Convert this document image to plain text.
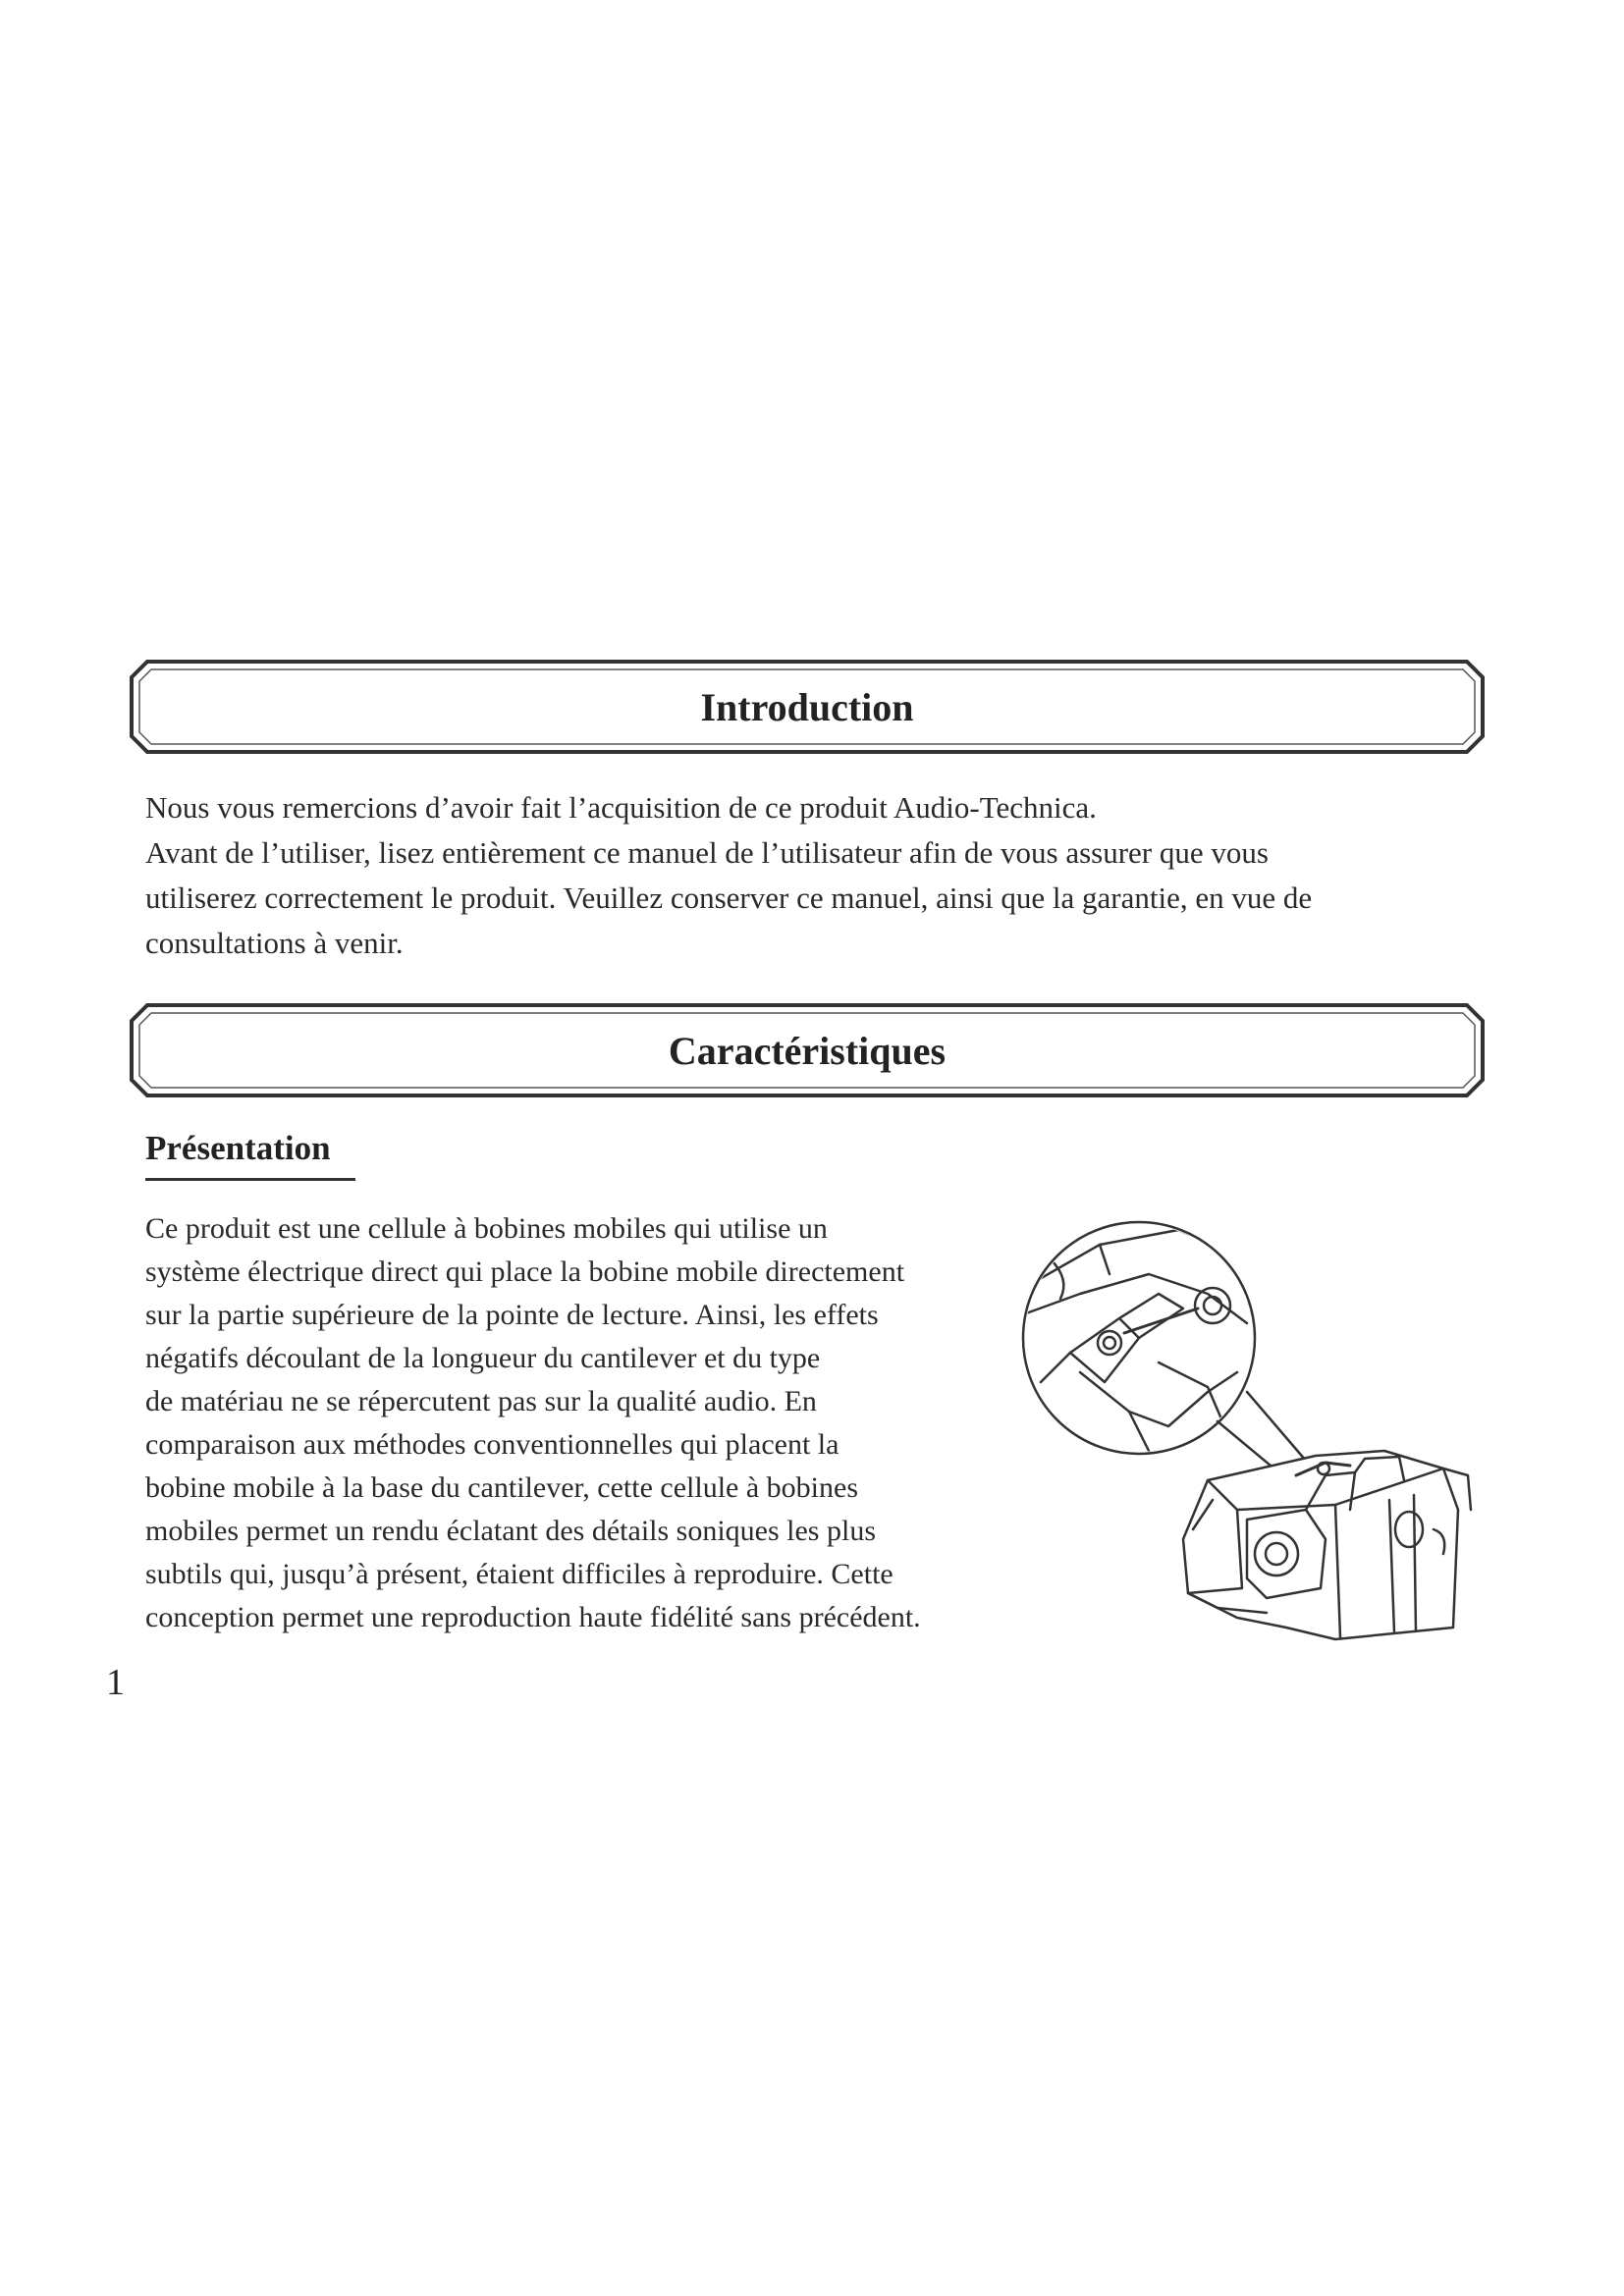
Introduction
Nous vous remercions d’avoir fait l’acquisition de ce produit Audio-Technica.
Avant de l’utiliser, lisez entièrement ce manuel de l’utilisateur afin de vous assurer que vous
utiliserez correctement le produit. Veuillez conserver ce manuel, ainsi que la garantie, en vue de
consultations à venir.
Caractéristiques
Présentation
Ce produit est une cellule à bobines mobiles qui utilise un
système électrique direct qui place la bobine mobile directement
sur la partie supérieure de la pointe de lecture. Ainsi, les effets
négatifs découlant de la longueur du cantilever et du type
de matériau ne se répercutent pas sur la qualité audio. En
comparaison aux méthodes conventionnelles qui placent la
bobine mobile à la base du cantilever, cette cellule à bobines
mobiles permet un rendu éclatant des détails soniques les plus
subtils qui, jusqu’à présent, étaient difficiles à reproduire. Cette
conception permet une reproduction haute fidélité sans précédent.
1
